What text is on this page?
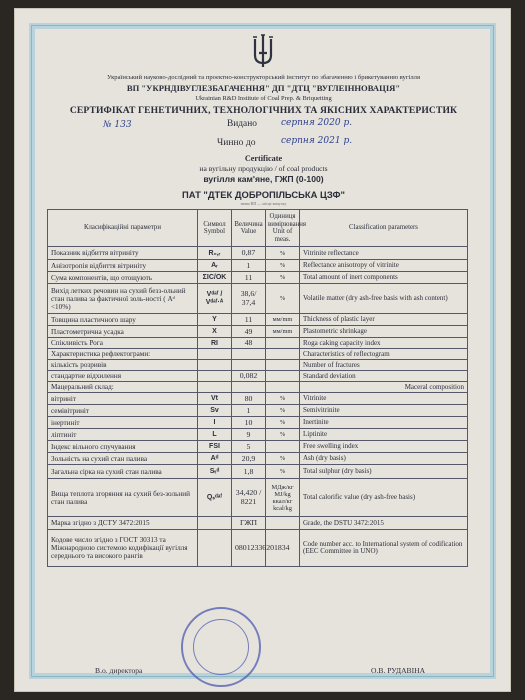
Український науково-дослідний та проектно-конструкторський інститут по збагаченню і брикетуванню вугілля
ВП "УКРНДІВУГЛЕЗБАГАЧЕННЯ" ДП "ДТЦ "ВУГЛЕІННОВАЦІЯ"
Ukrainian R&D Institute of Coal Prep. & Briquetting
СЕРТИФІКАТ ГЕНЕТИЧНИХ, ТЕХНОЛОГІЧНИХ ТА ЯКІСНИХ ХАРАКТЕРИСТИК
№ 133	Видано	серпня 2020 р.
Чинно до	серпня 2021 р.
Certificate
на вугільну продукцію / of coal products
вугілля кам'яне, ГЖП (0-100)
ПАТ "ДТЕК ДОБРОПІЛЬСЬКА ЦЗФ"
назва ВП — місце випуску
Класифікаційні параметри	Символ Symbol	Величина Value	Одиниця вимірювання Unit of meas.	Classification parameters
Показник відбиття вітриніту	R₀,ᵣ	0,87	%	Vitrinite reflectance
Анізотропія відбиття вітриніту	Aᵣ	1	%	Reflectance anisotropy of vitrinite
Сума компонентів, що отощують	ΣIC/OK	11	%	Total amount of inert components
Вихід летких речовин на сухий безз-ольний стан палива за фактичної золь-ності ( Aᵈ <10%)	Vᵈᵃᶠ / Vᵈᵃᶠ·ᴬ	38,6/ 37,4	%	Volatile matter (dry ash-free basis with ash content)
Товщина пластичного шару	Y	11	мм/mm	Thickness of plastic layer
Пластометрична усадка	X	49	мм/mm	Plastometric shrinkage
Спікливість Рога	RI	48		Roga caking capacity index
Характеристика рефлектограми:				Characteristics of reflectogram
кількість розривів				Number of fractures
стандартне відхилення		0,082		Standard deviation
Мацеральний склад:				Maceral composition
вітриніт	Vt	80	%	Vitrinite
семівітриніт	Sv	1	%	Semivitrinite
інертиніт	I	10	%	Inertinite
ліптиніт	L	9	%	Liptinite
Індекс вільного спучування	FSI	5		Free swelling index
Зольність на сухий стан палива	Aᵈ	20,9	%	Ash (dry basis)
Загальна сірка на сухий стан палива	Sₜᵈ	1,8	%	Total sulphur (dry basis)
Вища теплота згоряння на сухий без-зольний стан палива	Qₛᵈᵃᶠ	34,420 / 8221	МДж/кг MJ/kg ккал/кг kcal/kg	Total calorific value (dry ash-free basis)
Марка згідно з ДСТУ 3472:2015		ГЖП		Grade, the DSTU 3472:2015
Кодове число згідно з ГОСТ 30313 та Міжнародною системою кодифікації вугілля середнього та високого рангів		08012336201834		Code number acc. to International system of codification (EEC Committee in UNO)
В.о. директора	О.В. РУДАВІНА
